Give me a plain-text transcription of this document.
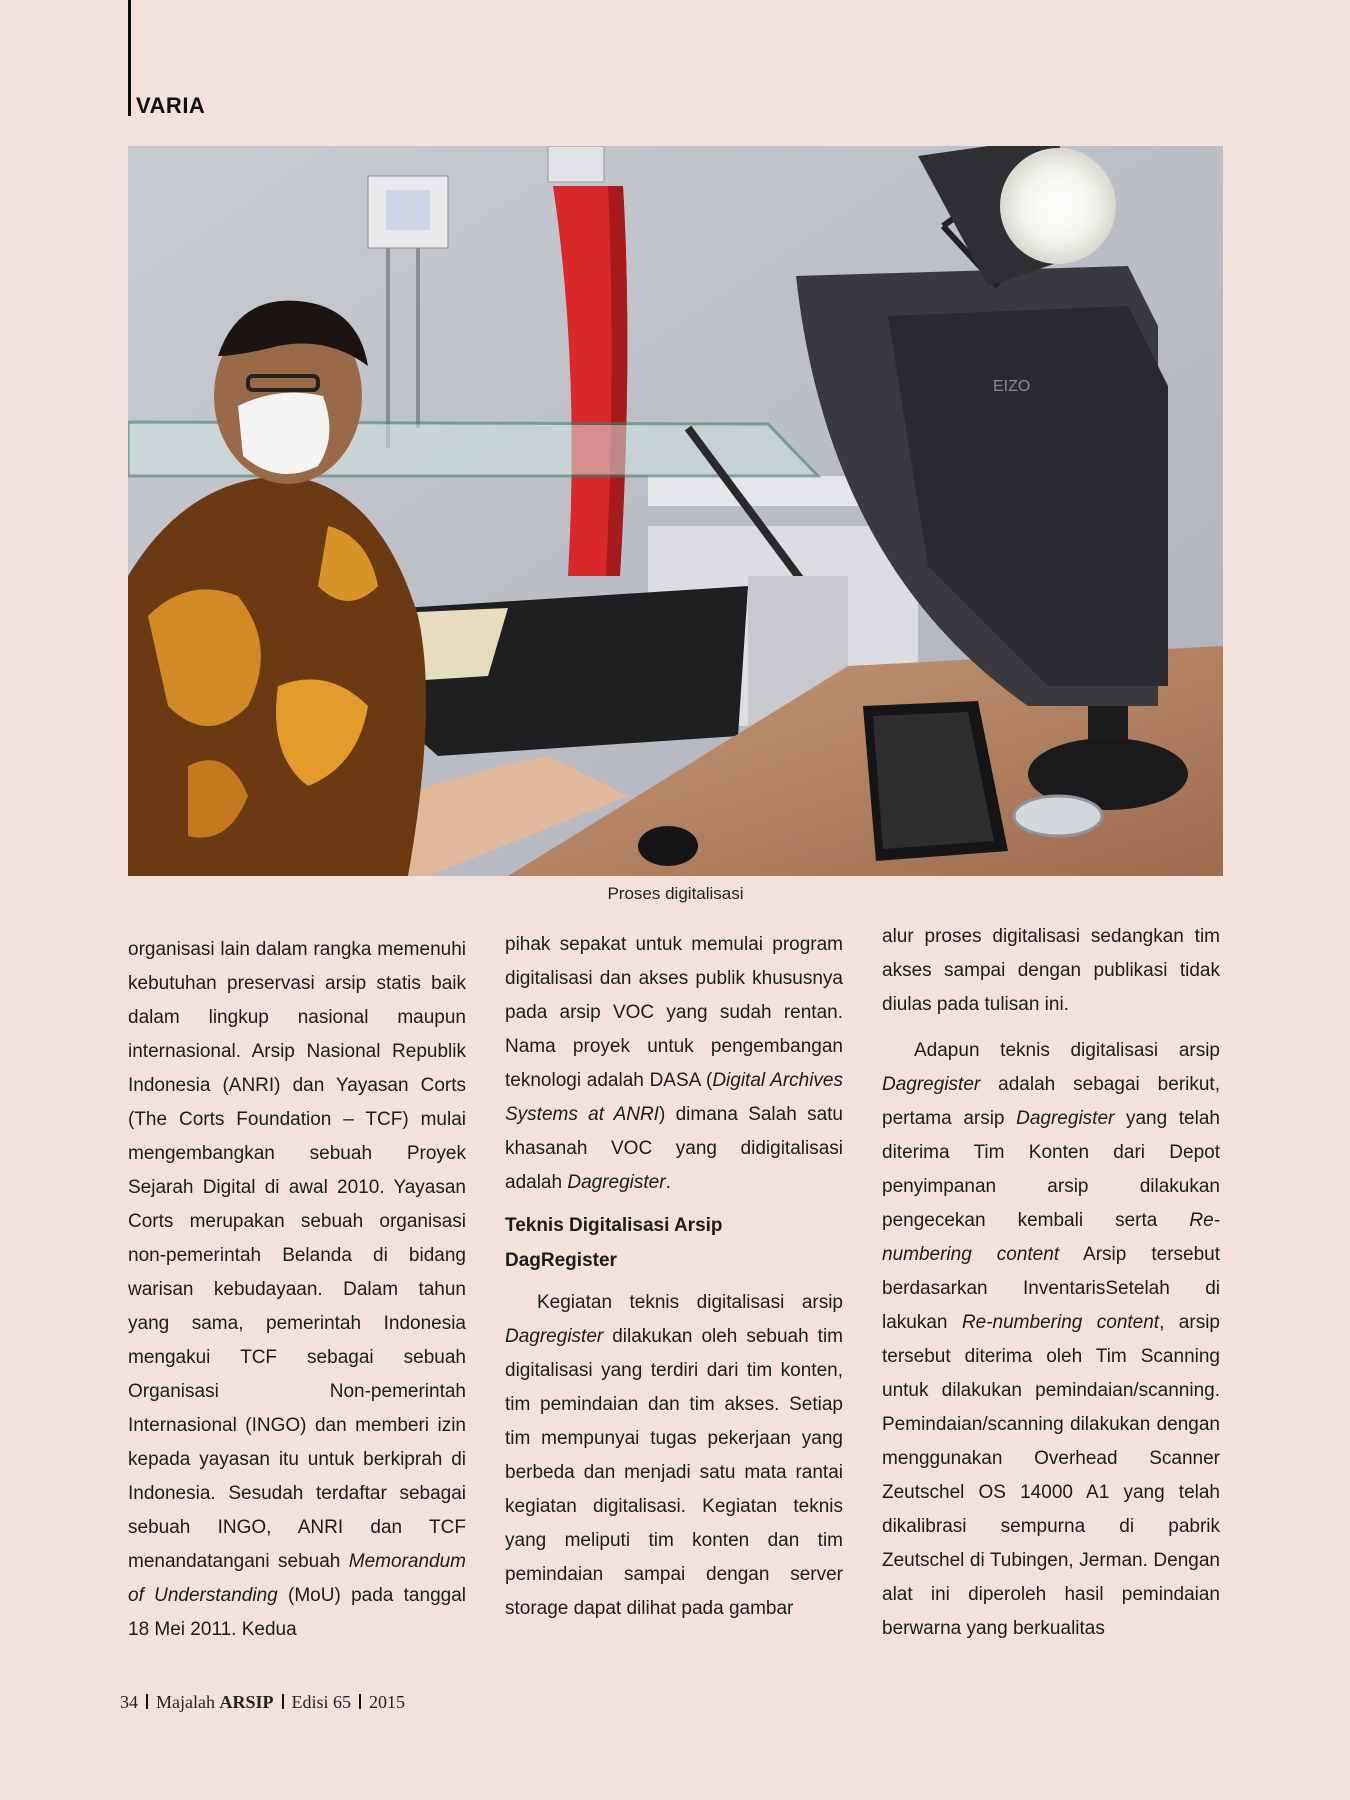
VARIA
EIZO
Proses digitalisasi

organisasi lain dalam rangka memenuhi kebutuhan preservasi arsip statis baik dalam lingkup nasional maupun internasional. Arsip Nasional Republik Indonesia (ANRI) dan Yayasan Corts (The Corts Foundation – TCF) mulai mengembangkan sebuah Proyek Sejarah Digital di awal 2010. Yayasan Corts merupakan sebuah organisasi non-pemerintah Belanda di bidang warisan kebudayaan. Dalam tahun yang sama, pemerintah Indonesia mengakui TCF sebagai sebuah Organisasi Non-pemerintah Internasional (INGO) dan memberi izin kepada yayasan itu untuk berkiprah di Indonesia. Sesudah terdaftar sebagai sebuah INGO, ANRI dan TCF menandatangani sebuah Memorandum of Understanding (MoU) pada tanggal 18 Mei 2011. Kedua

pihak sepakat untuk memulai program digitalisasi dan akses publik khususnya pada arsip VOC yang sudah rentan. Nama proyek untuk pengembangan teknologi adalah DASA (Digital Archives Systems at ANRI) dimana Salah satu khasanah VOC yang didigitalisasi adalah Dagregister.

Teknis Digitalisasi Arsip
DagRegister

Kegiatan teknis digitalisasi arsip Dagregister dilakukan oleh sebuah tim digitalisasi yang terdiri dari tim konten, tim pemindaian dan tim akses. Setiap tim mempunyai tugas pekerjaan yang berbeda dan menjadi satu mata rantai kegiatan digitalisasi. Kegiatan teknis yang meliputi tim konten dan tim pemindaian sampai dengan server storage dapat dilihat pada gambar

alur proses digitalisasi sedangkan tim akses sampai dengan publikasi tidak diulas pada tulisan ini.

Adapun teknis digitalisasi arsip Dagregister adalah sebagai berikut, pertama arsip Dagregister yang telah diterima Tim Konten dari Depot penyimpanan arsip dilakukan pengecekan kembali serta Re-numbering content Arsip tersebut berdasarkan InventarisSetelah di lakukan Re-numbering content, arsip tersebut diterima oleh Tim Scanning untuk dilakukan pemindaian/scanning. Pemindaian/scanning dilakukan dengan menggunakan Overhead Scanner Zeutschel OS 14000 A1 yang telah dikalibrasi sempurna di pabrik Zeutschel di Tubingen, Jerman. Dengan alat ini diperoleh hasil pemindaian berwarna yang berkualitas

34 Majalah ARSIP Edisi 65 2015
